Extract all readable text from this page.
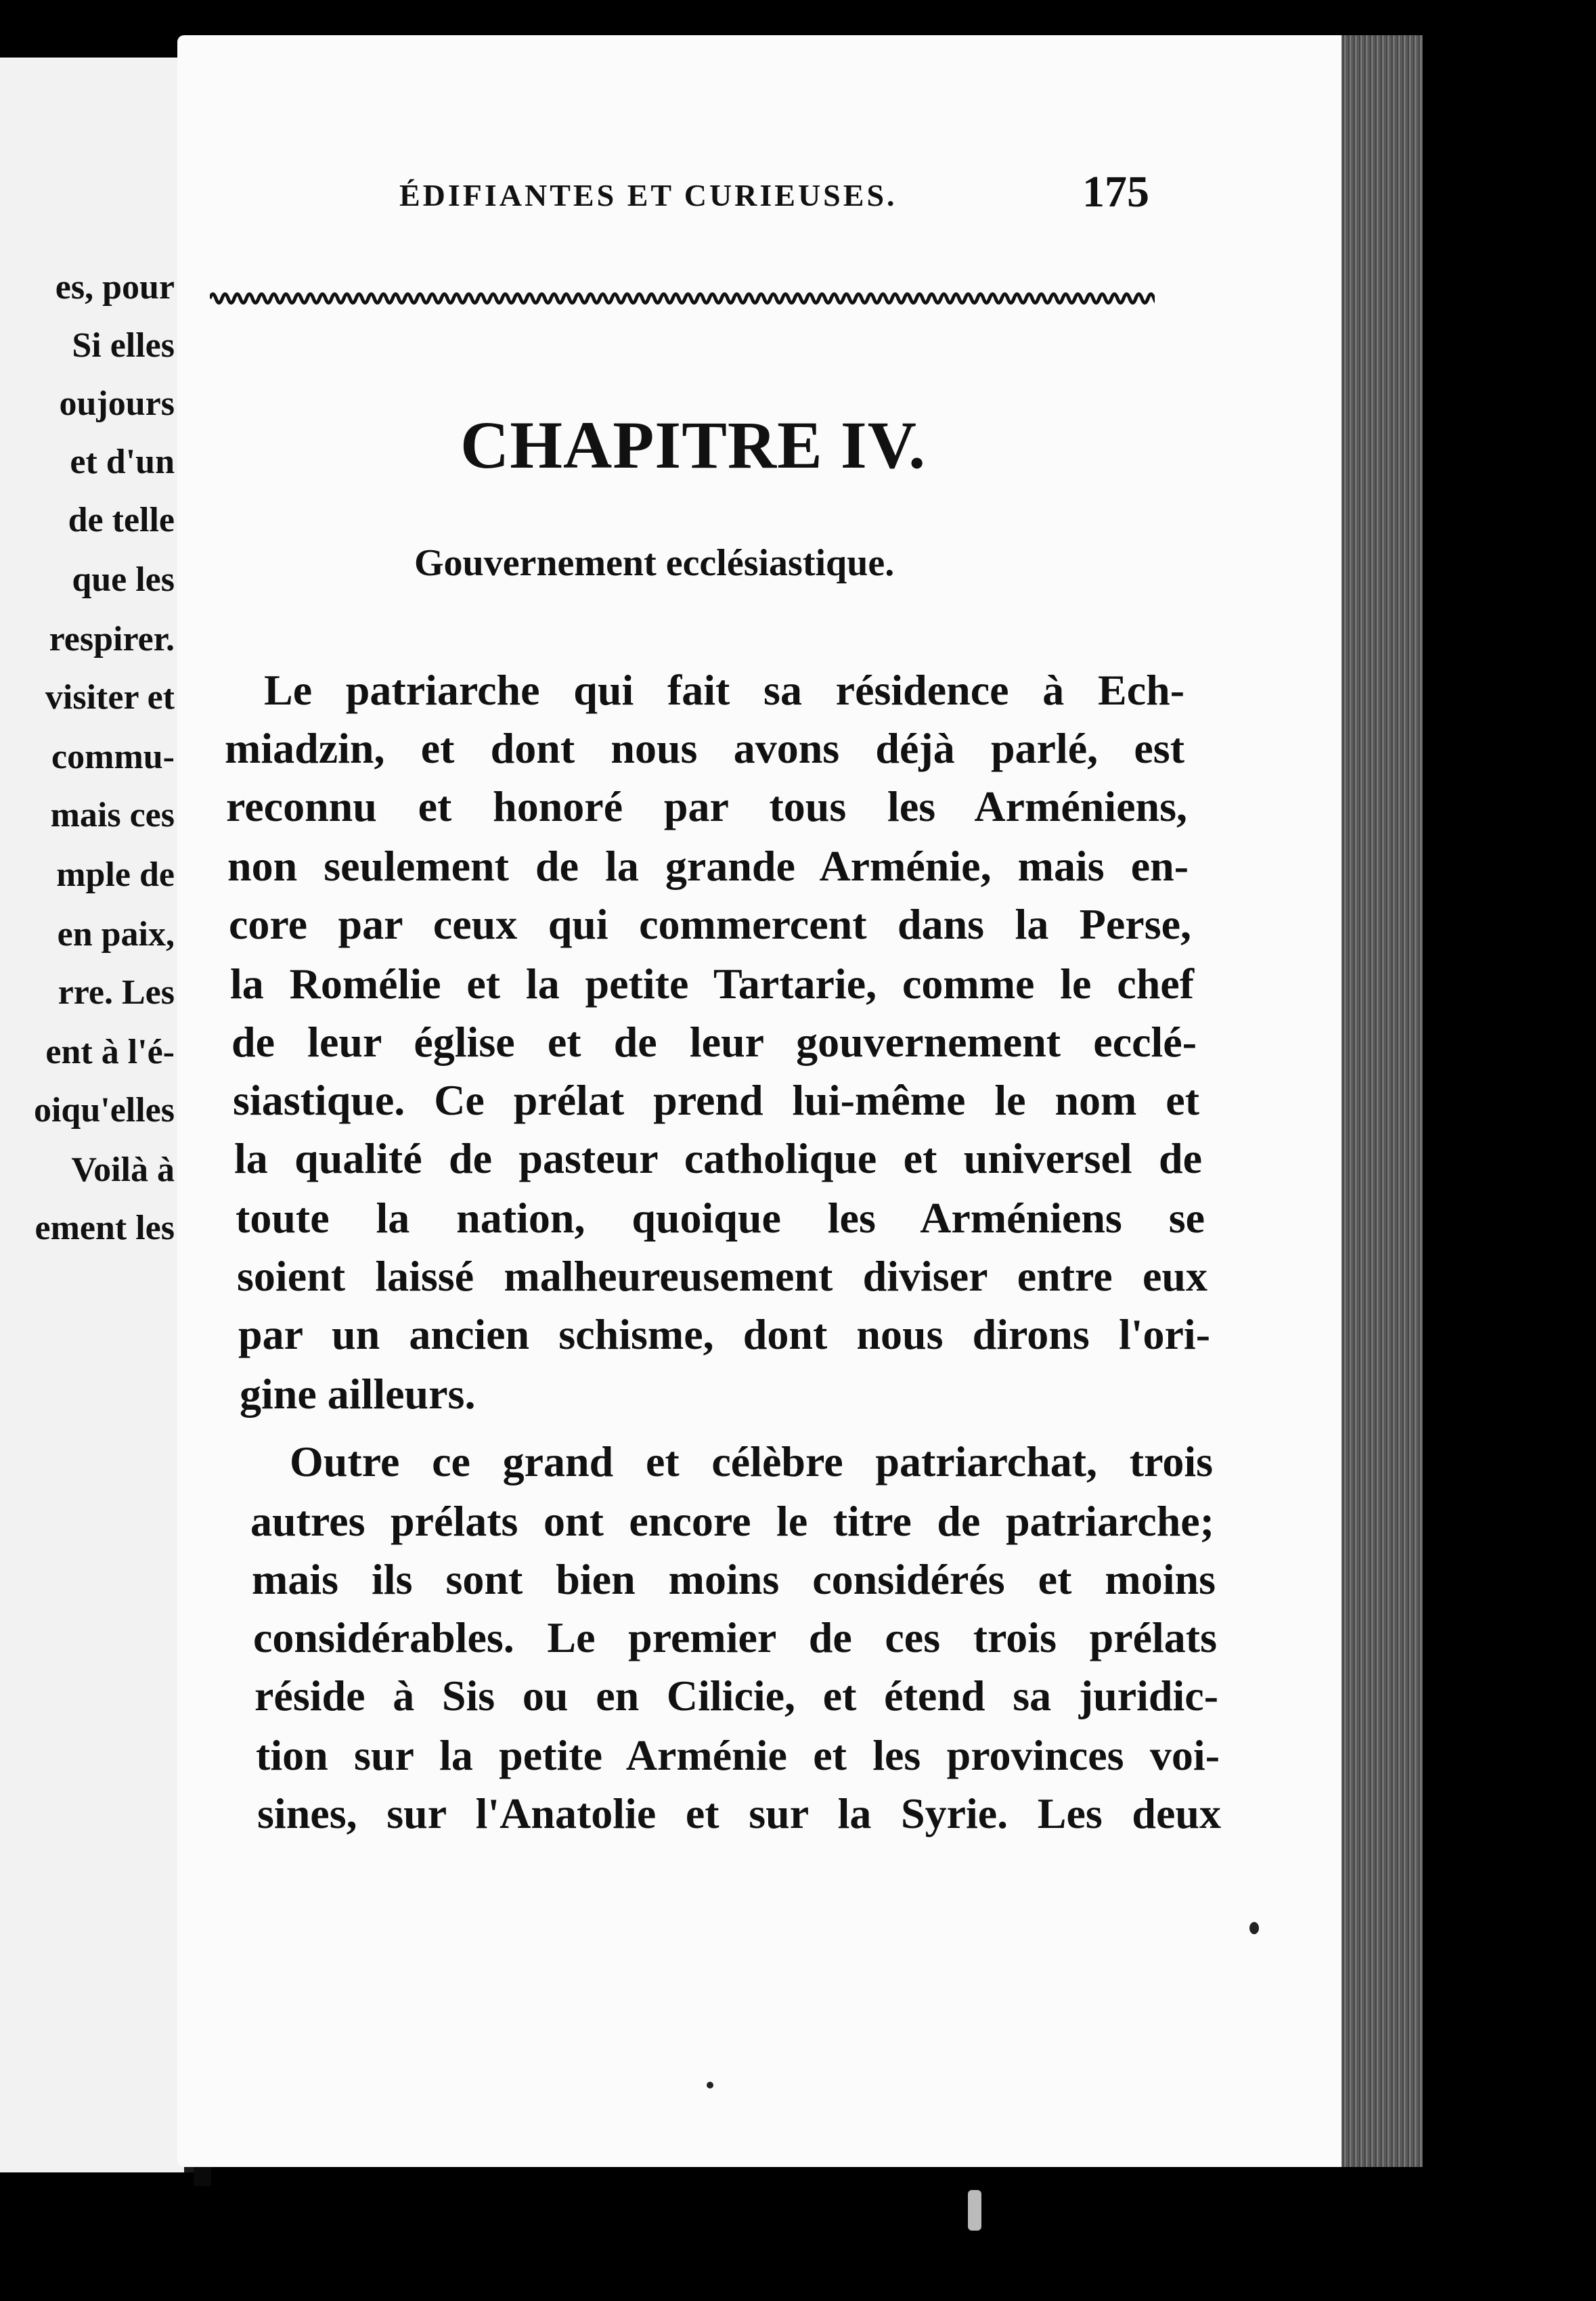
es, pour
Si elles
oujours
et d'un
de telle
que les
respirer.
visiter et
commu-
mais ces
mple de
en paix,
rre. Les
ent à l'é-
oiqu'elles
Voilà à
ement les
ÉDIFIANTES ET CURIEUSES.	175
CHAPITRE IV.
Gouvernement ecclésiastique.
Le patriarche qui fait sa résidence à Ech-
miadzin, et dont nous avons déjà parlé, est
reconnu et honoré par tous les Arméniens,
non seulement de la grande Arménie, mais en-
core par ceux qui commercent dans la Perse,
la Romélie et la petite Tartarie, comme le chef
de leur église et de leur gouvernement ecclé-
siastique. Ce prélat prend lui-même le nom et
la qualité de pasteur catholique et universel de
toute la nation, quoique les Arméniens se
soient laissé malheureusement diviser entre eux
par un ancien schisme, dont nous dirons l'ori-
gine ailleurs.
Outre ce grand et célèbre patriarchat, trois
autres prélats ont encore le titre de patriarche;
mais ils sont bien moins considérés et moins
considérables. Le premier de ces trois prélats
réside à Sis ou en Cilicie, et étend sa juridic-
tion sur la petite Arménie et les provinces voi-
sines, sur l'Anatolie et sur la Syrie. Les deux
